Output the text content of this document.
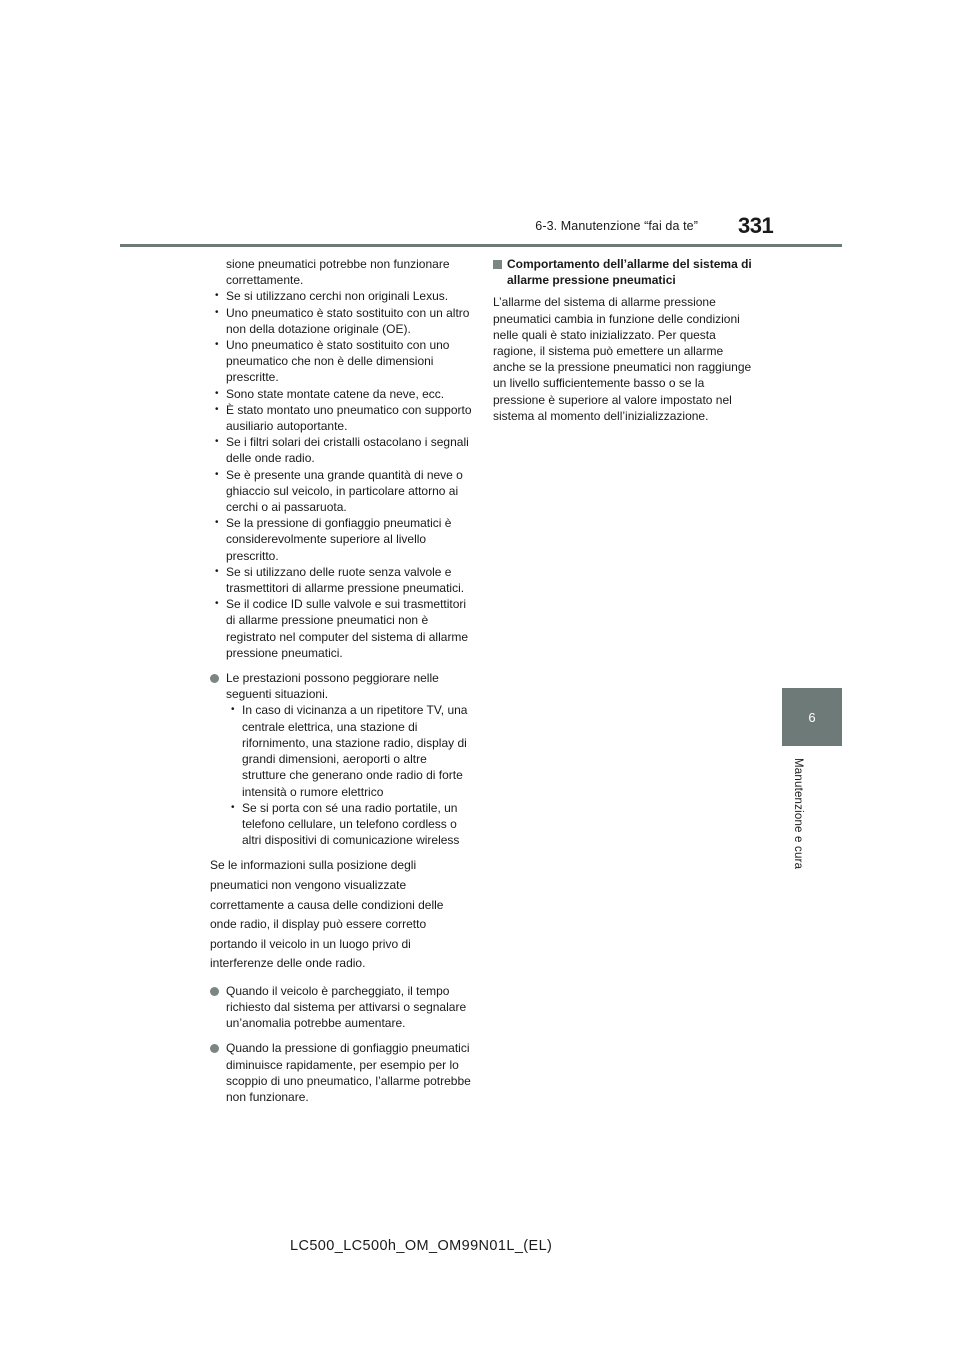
6-3. Manutenzione “fai da te” 331
6
Manutenzione e cura
sione pneumatici potrebbe non funzionare
correttamente.
• Se si utilizzano cerchi non originali Lexus.
• Uno pneumatico è stato sostituito con un altro non della dotazione originale (OE).
• Uno pneumatico è stato sostituito con uno pneumatico che non è delle dimensioni prescritte.
• Sono state montate catene da neve, ecc.
• È stato montato uno pneumatico con supporto ausiliario autoportante.
• Se i filtri solari dei cristalli ostacolano i segnali delle onde radio.
• Se è presente una grande quantità di neve o ghiaccio sul veicolo, in particolare attorno ai cerchi o ai passaruota.
• Se la pressione di gonfiaggio pneumatici è considerevolmente superiore al livello prescritto.
• Se si utilizzano delle ruote senza valvole e trasmettitori di allarme pressione pneumatici.
• Se il codice ID sulle valvole e sui trasmettitori di allarme pressione pneumatici non è registrato nel computer del sistema di allarme pressione pneumatici.
Le prestazioni possono peggiorare nelle seguenti situazioni.
• In caso di vicinanza a un ripetitore TV, una centrale elettrica, una stazione di rifornimento, una stazione radio, display di grandi dimensioni, aeroporti o altre strutture che generano onde radio di forte intensità o rumore elettrico
• Se si porta con sé una radio portatile, un telefono cellulare, un telefono cordless o altri dispositivi di comunicazione wireless
Se le informazioni sulla posizione degli pneumatici non vengono visualizzate correttamente a causa delle condizioni delle onde radio, il display può essere corretto portando il veicolo in un luogo privo di interferenze delle onde radio.
Quando il veicolo è parcheggiato, il tempo richiesto dal sistema per attivarsi o segnalare un’anomalia potrebbe aumentare.
Quando la pressione di gonfiaggio pneumatici diminuisce rapidamente, per esempio per lo scoppio di uno pneumatico, l’allarme potrebbe non funzionare.
Comportamento dell’allarme del sistema di allarme pressione pneumatici
L’allarme del sistema di allarme pressione pneumatici cambia in funzione delle condizioni nelle quali è stato inizializzato. Per questa ragione, il sistema può emettere un allarme anche se la pressione pneumatici non raggiunge un livello sufficientemente basso o se la pressione è superiore al valore impostato nel sistema al momento dell’inizializzazione.
LC500_LC500h_OM_OM99N01L_(EL)
